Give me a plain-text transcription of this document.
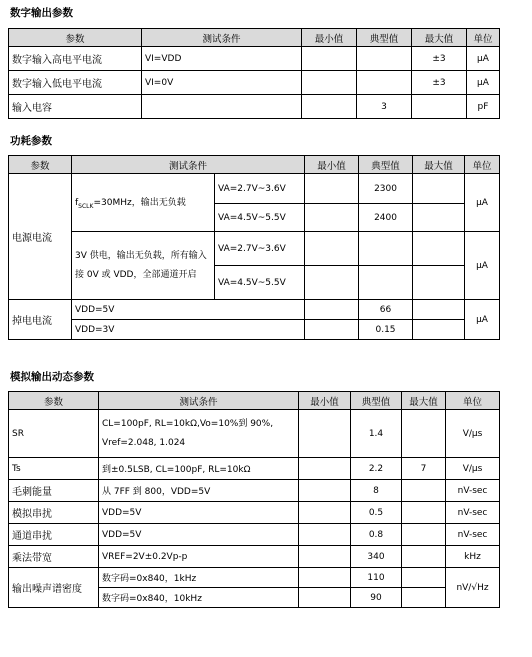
数字输出参数
参数	测试条件	最小值	典型值	最大值	单位
数字输入高电平电流	VI=VDD			±3	μA
数字输入低电平电流	VI=0V			±3	μA
输入电容			3		pF
功耗参数
参数	测试条件		最小值	典型值	最大值	单位
电源电流	$f_{SCLK}=30MHz$，输出无负载	VA=2.7V~3.6V		2300		μA
		VA=4.5V~5.5V		2400		
	3V 供电，输出无负载，所有输入接 0V 或 VDD，全部通道开启	VA=2.7V~3.6V				μA
		VA=4.5V~5.5V				
掉电电流	VDD=5V			66		μA
	VDD=3V			0.15		
模拟输出动态参数
参数	测试条件	最小值	典型值	最大值	单位
SR	CL=100pF, RL=10kΩ,Vo=10%到 90%, Vref=2.048, 1.024		1.4		V/μs
Ts	到±0.5LSB, CL=100pF, RL=10kΩ		2.2	7	V/μs
毛刺能量	从 7FF 到 800，VDD=5V		8		nV-sec
模拟串扰	VDD=5V		0.5		nV-sec
通道串扰	VDD=5V		0.8		nV-sec
乘法带宽	VREF=2V±0.2Vp-p		340		kHz
输出噪声谱密度	数字码=0x840，1kHz		110		nV/√Hz
	数字码=0x840，10kHz		90		
